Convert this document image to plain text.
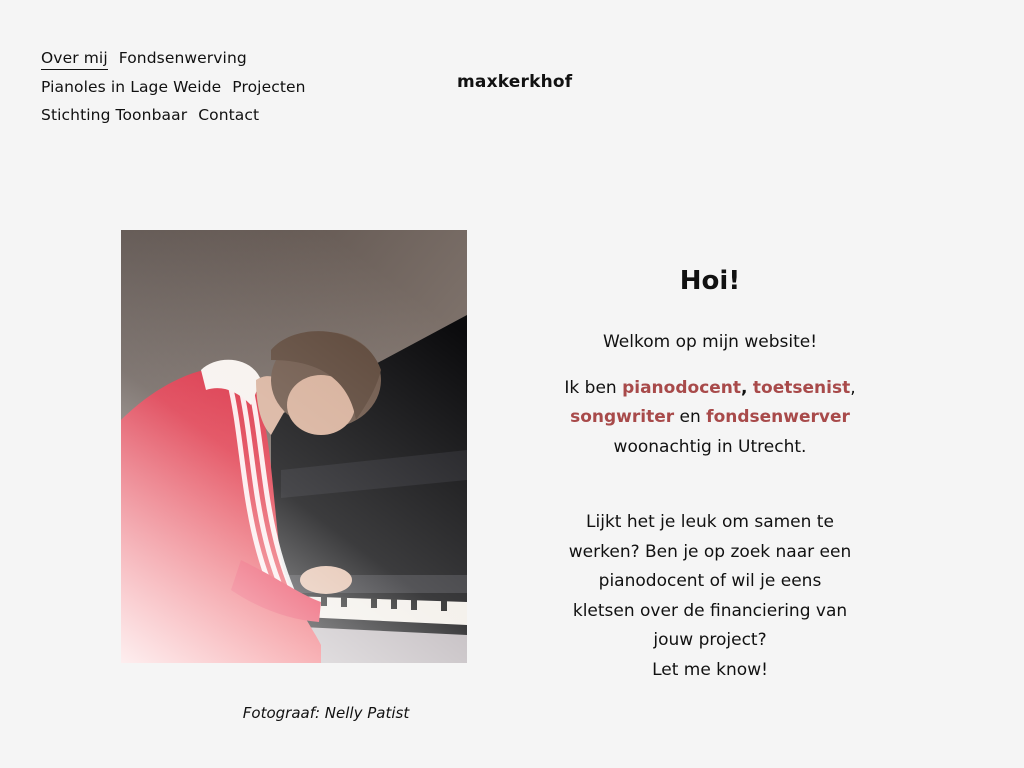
Over mij Fondsenwerving
Pianoles in Lage Weide Projecten
Stichting Toonbaar Contact
maxkerkhof
Fotograaf: Nelly Patist
Hoi!

Welkom op mijn website!

Ik ben pianodocent, toetsenist,
songwriter en fondsenwerver
woonachtig in Utrecht.

Lijkt het je leuk om samen te
werken? Ben je op zoek naar een
pianodocent of wil je eens
kletsen over de financiering van
jouw project?
Let me know!
